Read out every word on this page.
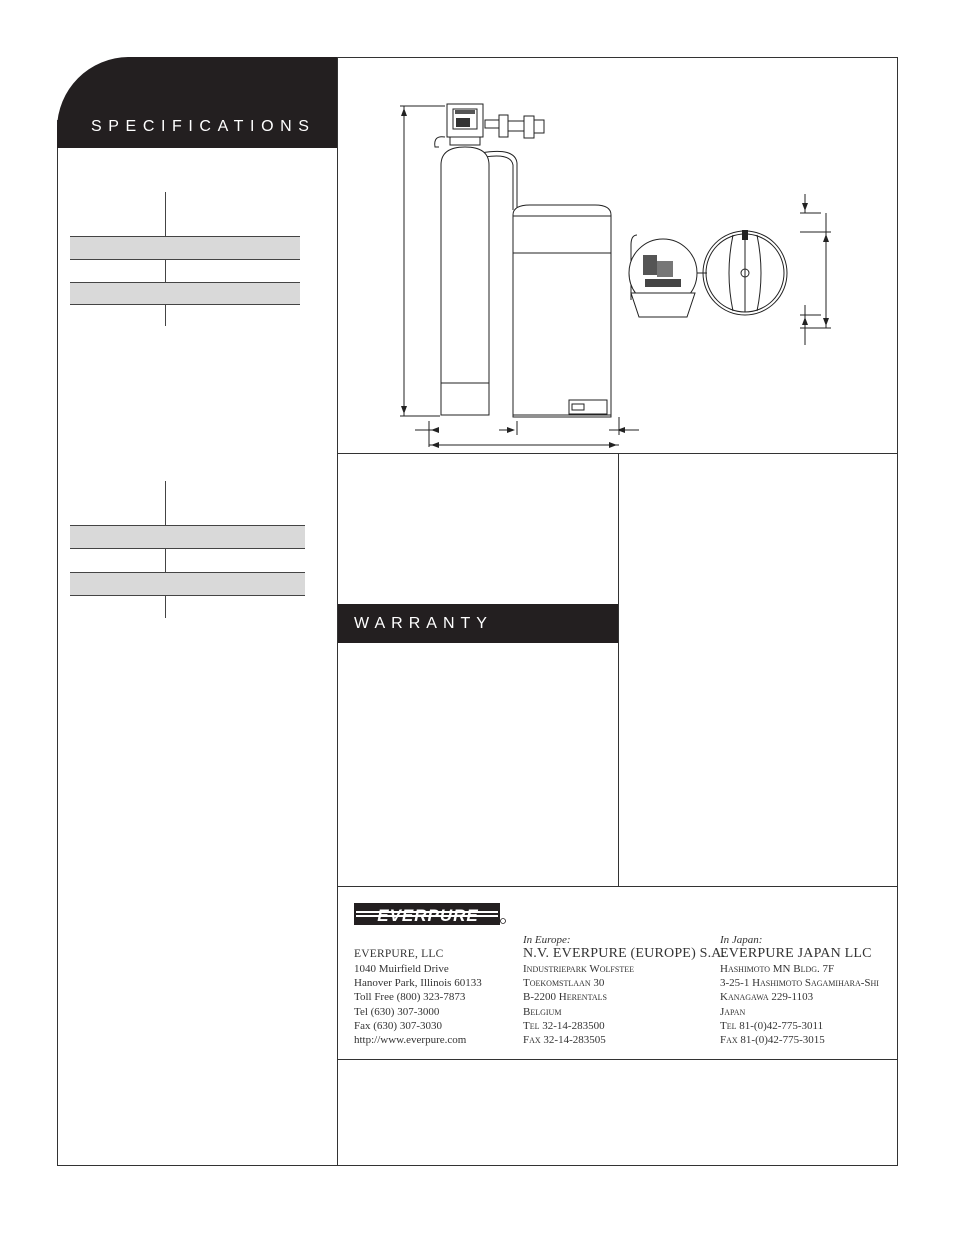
SPECIFICATIONS
WARRANTY
EVERPURE
EVERPURE, LLC
1040 Muirfield Drive
Hanover Park, Illinois 60133
Toll Free (800) 323-7873
Tel (630) 307-3000
Fax (630) 307-3030
http://www.everpure.com
In Europe:
N.V. EVERPURE (EUROPE) S.A.
Industriepark Wolfstee
Toekomstlaan 30
B-2200 Herentals
Belgium
Tel 32-14-283500
Fax 32-14-283505
In Japan:
EVERPURE JAPAN LLC
Hashimoto MN Bldg. 7F
3-25-1 Hashimoto Sagamihara-Shi
Kanagawa 229-1103
Japan
Tel 81-(0)42-775-3011
Fax 81-(0)42-775-3015
